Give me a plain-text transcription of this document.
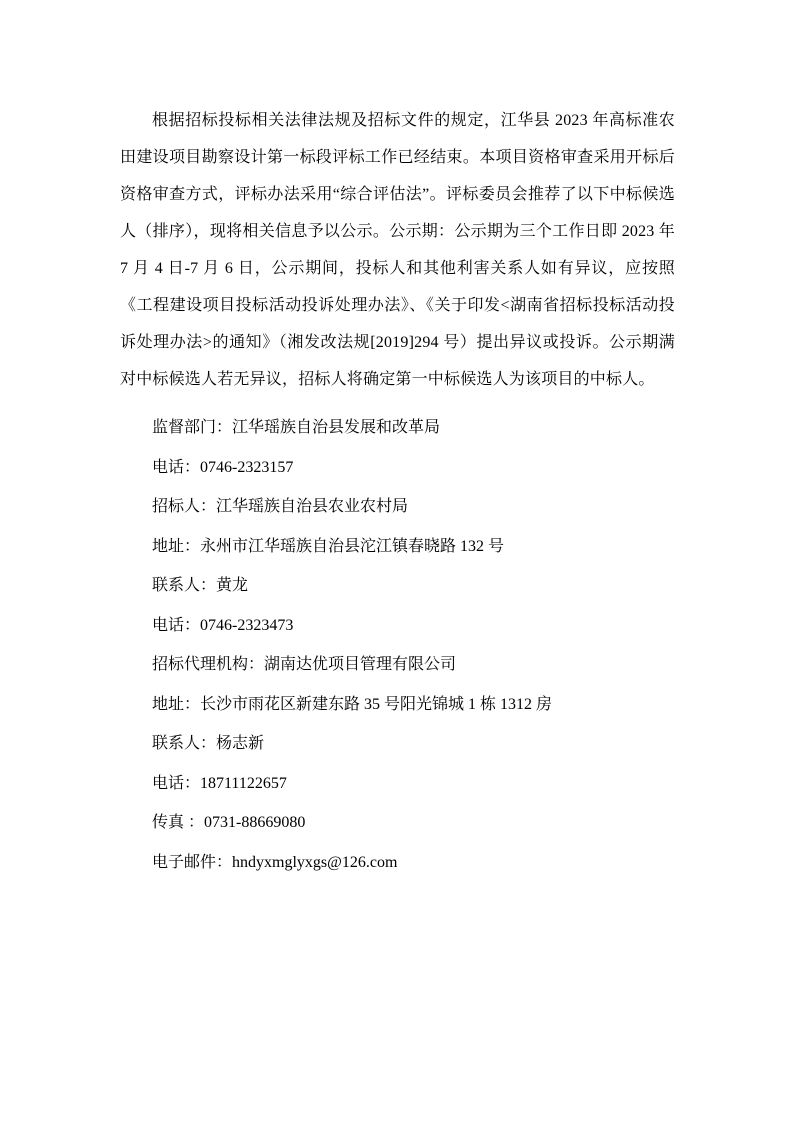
根据招标投标相关法律法规及招标文件的规定，江华县 2023 年高标准农田建设项目勘察设计第一标段评标工作已经结束。本项目资格审查采用开标后资格审查方式，评标办法采用“综合评估法”。评标委员会推荐了以下中标候选人（排序），现将相关信息予以公示。公示期：公示期为三个工作日即 2023 年 7 月 4 日-7 月 6 日，公示期间，投标人和其他利害关系人如有异议，应按照《工程建设项目投标活动投诉处理办法》、《关于印发<湖南省招标投标活动投诉处理办法>的通知》（湘发改法规[2019]294 号）提出异议或投诉。公示期满对中标候选人若无异议，招标人将确定第一中标候选人为该项目的中标人。

监督部门：江华瑶族自治县发展和改革局

电话：0746-2323157

招标人：江华瑶族自治县农业农村局

地址：永州市江华瑶族自治县沱江镇春晓路 132 号

联系人：黄龙

电话：0746-2323473

招标代理机构：湖南达优项目管理有限公司

地址：长沙市雨花区新建东路 35 号阳光锦城 1 栋 1312 房

联系人：杨志新

电话：18711122657

传真 ：0731-88669080

电子邮件：hndyxmglyxgs@126.com
